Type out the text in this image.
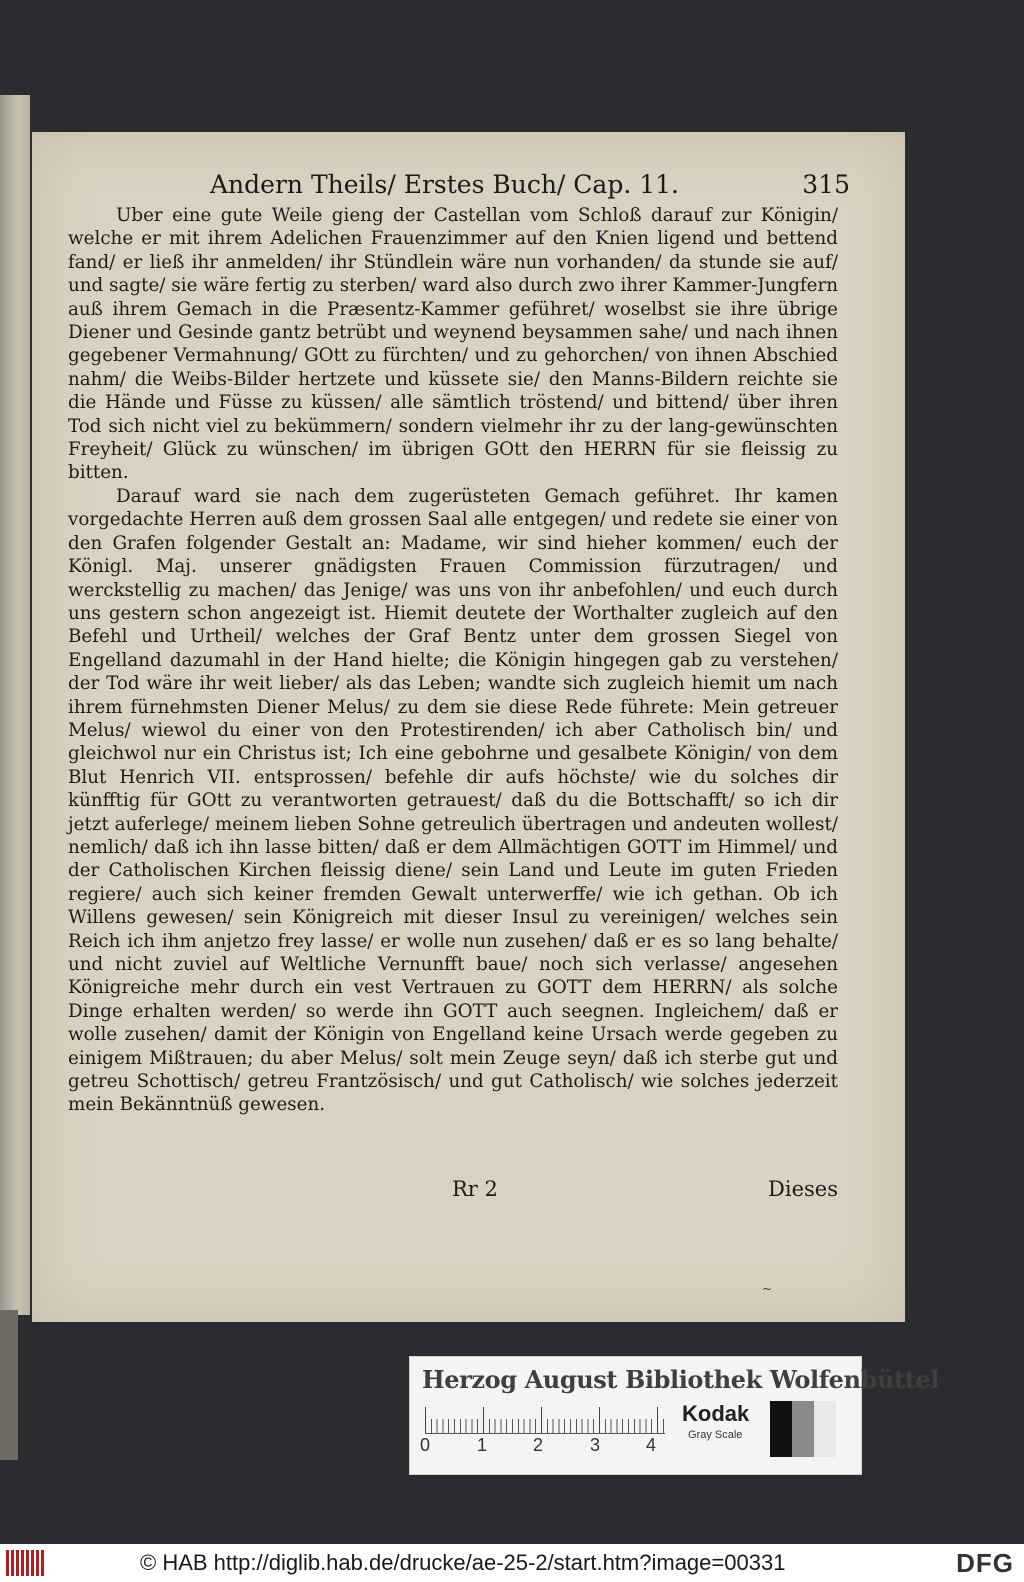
Andern Theils/ Erstes Buch/ Cap. 11.	315

Uber eine gute Weile gieng der Castellan vom Schloß darauf zur Königin/ welche er mit ihrem Adelichen Frauenzimmer auf den Knien ligend und bettend fand/ er ließ ihr anmelden/ ihr Stündlein wäre nun vorhanden/ da stunde sie auf/ und sagte/ sie wäre fertig zu sterben/ ward also durch zwo ihrer Kammer-Jungfern auß ihrem Gemach in die Præsentz-Kammer geführet/ woselbst sie ihre übrige Diener und Gesinde gantz betrübt und weynend beysammen sahe/ und nach ihnen gegebener Vermahnung/ GOtt zu fürchten/ und zu gehorchen/ von ihnen Abschied nahm/ die Weibs-Bilder hertzete und küssete sie/ den Manns-Bildern reichte sie die Hände und Füsse zu küssen/ alle sämtlich tröstend/ und bittend/ über ihren Tod sich nicht viel zu bekümmern/ sondern vielmehr ihr zu der lang-gewünschten Freyheit/ Glück zu wünschen/ im übrigen GOtt den HERRN für sie fleissig zu bitten.

Darauf ward sie nach dem zugerüsteten Gemach geführet. Ihr kamen vorgedachte Herren auß dem grossen Saal alle entgegen/ und redete sie einer von den Grafen folgender Gestalt an: Madame, wir sind hieher kommen/ euch der Königl. Maj. unserer gnädigsten Frauen Commission fürzutragen/ und werckstellig zu machen/ das Jenige/ was uns von ihr anbefohlen/ und euch durch uns gestern schon angezeigt ist. Hiemit deutete der Worthalter zugleich auf den Befehl und Urtheil/ welches der Graf Bentz unter dem grossen Siegel von Engelland dazumahl in der Hand hielte; die Königin hingegen gab zu verstehen/ der Tod wäre ihr weit lieber/ als das Leben; wandte sich zugleich hiemit um nach ihrem fürnehmsten Diener Melus/ zu dem sie diese Rede führete: Mein getreuer Melus/ wiewol du einer von den Protestirenden/ ich aber Catholisch bin/ und gleichwol nur ein Christus ist; Ich eine gebohrne und gesalbete Königin/ von dem Blut Henrich VII. entsprossen/ befehle dir aufs höchste/ wie du solches dir künfftig für GOtt zu verantworten getrauest/ daß du die Bottschafft/ so ich dir jetzt auferlege/ meinem lieben Sohne getreulich übertragen und andeuten wollest/ nemlich/ daß ich ihn lasse bitten/ daß er dem Allmächtigen GOTT im Himmel/ und der Catholischen Kirchen fleissig diene/ sein Land und Leute im guten Frieden regiere/ auch sich keiner fremden Gewalt unterwerffe/ wie ich gethan. Ob ich Willens gewesen/ sein Königreich mit dieser Insul zu vereinigen/ welches sein Reich ich ihm anjetzo frey lasse/ er wolle nun zusehen/ daß er es so lang behalte/ und nicht zuviel auf Weltliche Vernunfft baue/ noch sich verlasse/ angesehen Königreiche mehr durch ein vest Vertrauen zu GOTT dem HERRN/ als solche Dinge erhalten werden/ so werde ihn GOTT auch seegnen. Ingleichem/ daß er wolle zusehen/ damit der Königin von Engelland keine Ursach werde gegeben zu einigem Mißtrauen; du aber Melus/ solt mein Zeuge seyn/ daß ich sterbe gut und getreu Schottisch/ getreu Frantzösisch/ und gut Catholisch/ wie solches jederzeit mein Bekänntnüß gewesen.

Rr 2	Dieses
~
Herzog August Bibliothek Wolfenbüttel
0	1	2	3	4
Kodak
Gray Scale
© HAB http://diglib.hab.de/drucke/ae-25-2/start.htm?image=00331	DFG
